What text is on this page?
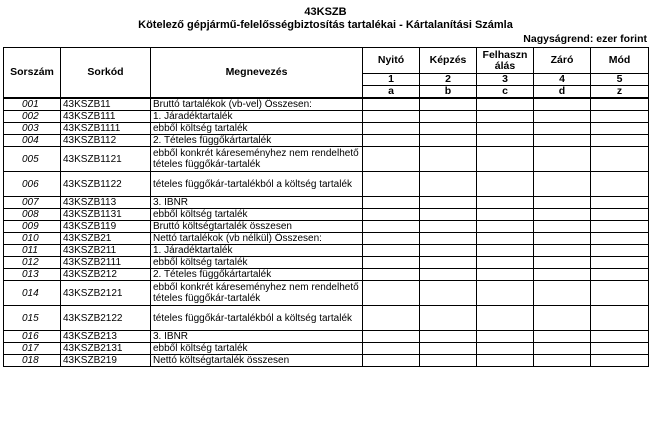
43KSZB
Kötelező gépjármű-felelősségbiztosítás tartalékai - Kártalanítási Számla
Nagyságrend: ezer forint
Sorszám	Sorkód	Megnevezés	Nyitó	Képzés	Felhaszn álás	Záró	Mód
			1	2	3	4	5
			a	b	c	d	z
001	43KSZB11	Bruttó tartalékok (vb-vel) Összesen:					
002	43KSZB111	1. Járadéktartalék					
003	43KSZB1111	ebből költség tartalék					
004	43KSZB112	2. Tételes függőkártartalék					
005	43KSZB1121	ebből konkrét káreseményhez nem rendelhető tételes függőkár-tartalék					
006	43KSZB1122	tételes függőkár-tartalékból a költség tartalék					
007	43KSZB113	3. IBNR					
008	43KSZB1131	ebből költség tartalék					
009	43KSZB119	Bruttó költségtartalék összesen					
010	43KSZB21	Nettó tartalékok (vb nélkül) Összesen:					
011	43KSZB211	1. Járadéktartalék					
012	43KSZB2111	ebből költség tartalék					
013	43KSZB212	2. Tételes függőkártartalék					
014	43KSZB2121	ebből konkrét káreseményhez nem rendelhető tételes függőkár-tartalék					
015	43KSZB2122	tételes függőkár-tartalékból a költség tartalék					
016	43KSZB213	3. IBNR					
017	43KSZB2131	ebből költség tartalék					
018	43KSZB219	Nettó költségtartalék összesen					
